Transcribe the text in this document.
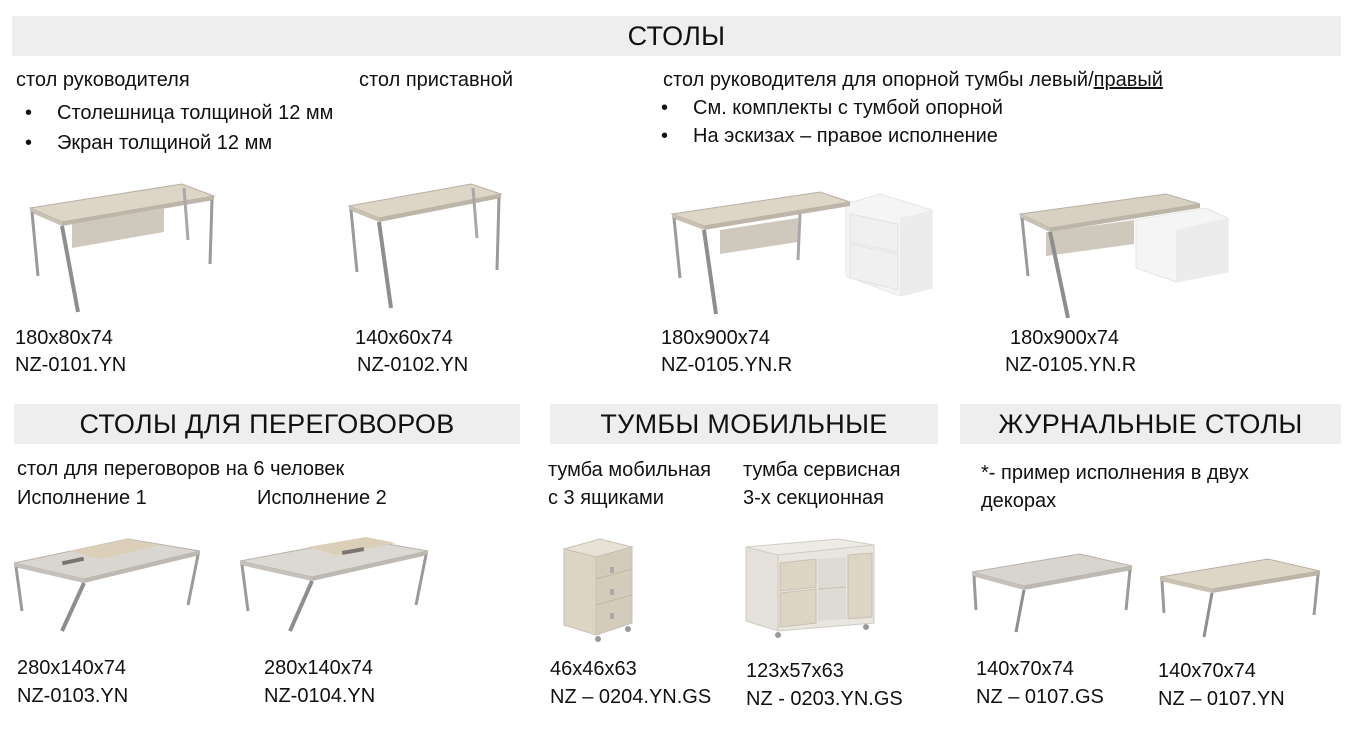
СТОЛЫ
стол руководителя	стол приставной	стол руководителя для опорной тумбы левый/правый
• Столешница толщиной 12 мм
• Экран толщиной 12 мм
• См. комплекты с тумбой опорной
• На эскизах – правое исполнение
180x80x74
NZ-0101.YN
140x60x74
NZ-0102.YN
180x900x74
NZ-0105.YN.R
180x900x74
NZ-0105.YN.R
СТОЛЫ ДЛЯ ПЕРЕГОВОРОВ
стол для переговоров на 6 человек
Исполнение 1	Исполнение 2
280x140x74
NZ-0103.YN
280x140x74
NZ-0104.YN
ТУМБЫ МОБИЛЬНЫЕ
тумба мобильная
с 3 ящиками
тумба сервисная
3-х секционная
46x46x63
NZ – 0204.YN.GS
123x57x63
NZ - 0203.YN.GS
ЖУРНАЛЬНЫЕ СТОЛЫ
*- пример исполнения в двух
декорах
140x70x74
NZ – 0107.GS
140x70x74
NZ – 0107.YN
